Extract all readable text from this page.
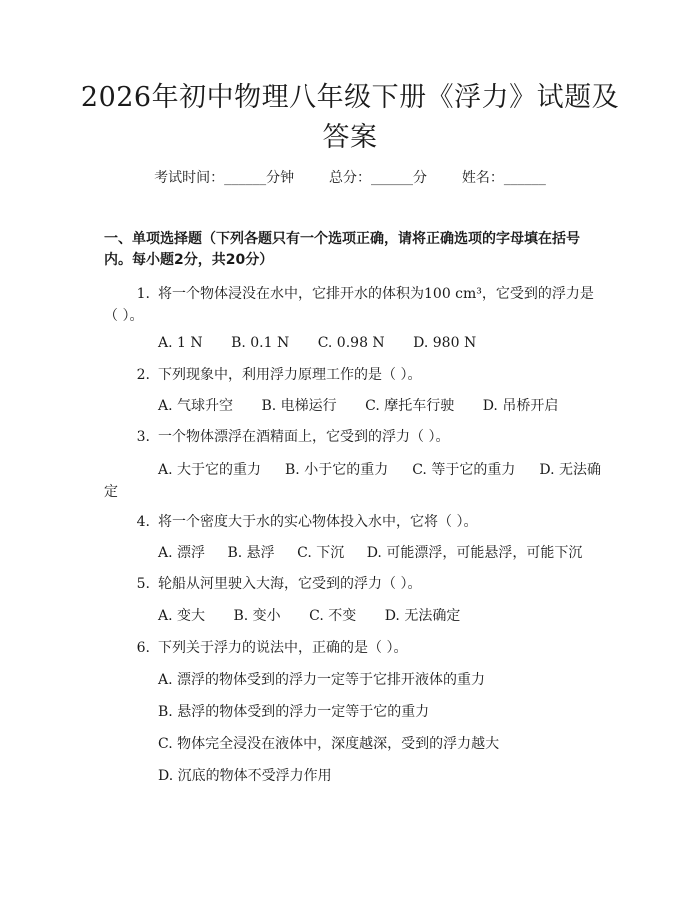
2026年初中物理八年级下册《浮力》试题及答案
考试时间：______分钟 总分：______分 姓名：______
一、单项选择题（下列各题只有一个选项正确，请将正确选项的字母填在括号内。每小题2分，共20分）
1. 将一个物体浸没在水中，它排开水的体积为100 cm³，它受到的浮力是（ ）。
A. 1 N B. 0.1 N C. 0.98 N D. 980 N
2. 下列现象中，利用浮力原理工作的是（ ）。
A. 气球升空 B. 电梯运行 C. 摩托车行驶 D. 吊桥开启
3. 一个物体漂浮在酒精面上，它受到的浮力（ ）。
A. 大于它的重力 B. 小于它的重力 C. 等于它的重力 D. 无法确定
4. 将一个密度大于水的实心物体投入水中，它将（ ）。
A. 漂浮 B. 悬浮 C. 下沉 D. 可能漂浮，可能悬浮，可能下沉
5. 轮船从河里驶入大海，它受到的浮力（ ）。
A. 变大 B. 变小 C. 不变 D. 无法确定
6. 下列关于浮力的说法中，正确的是（ ）。
A. 漂浮的物体受到的浮力一定等于它排开液体的重力
B. 悬浮的物体受到的浮力一定等于它的重力
C. 物体完全浸没在液体中，深度越深，受到的浮力越大
D. 沉底的物体不受浮力作用
